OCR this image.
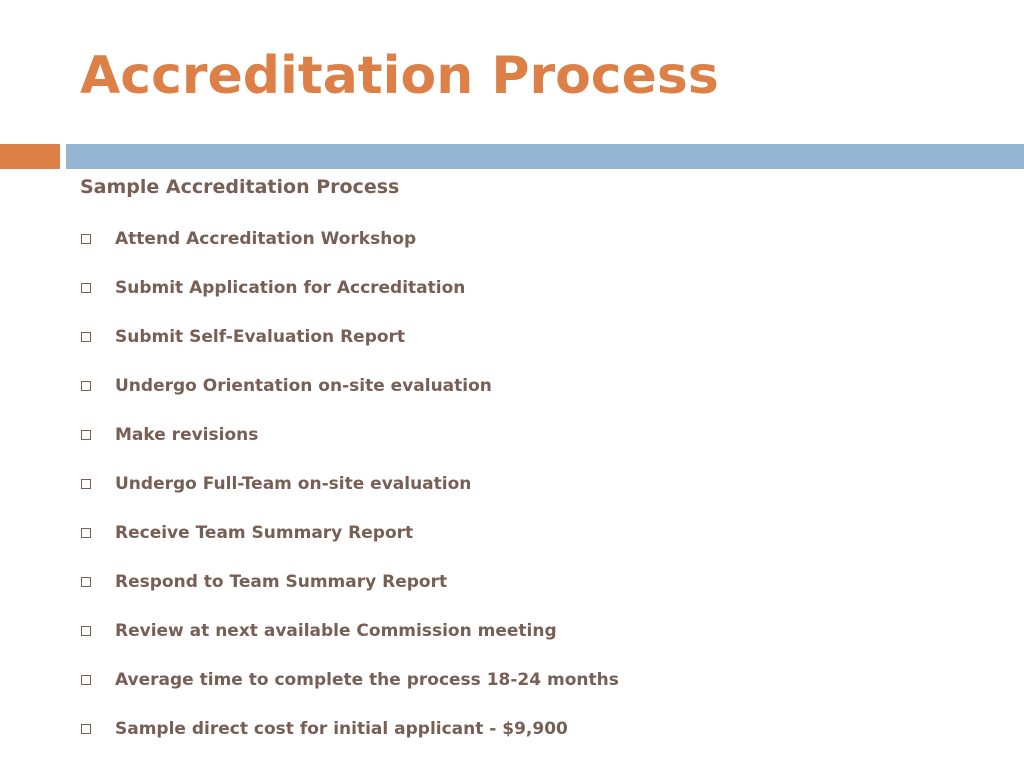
Accreditation Process
Sample Accreditation Process
Attend Accreditation Workshop
Submit Application for Accreditation
Submit Self-Evaluation Report
Undergo Orientation on-site evaluation
Make revisions
Undergo Full-Team on-site evaluation
Receive Team Summary Report
Respond to Team Summary Report
Review at next available Commission meeting
Average time to complete the process 18-24 months
Sample direct cost for initial applicant - $9,900
